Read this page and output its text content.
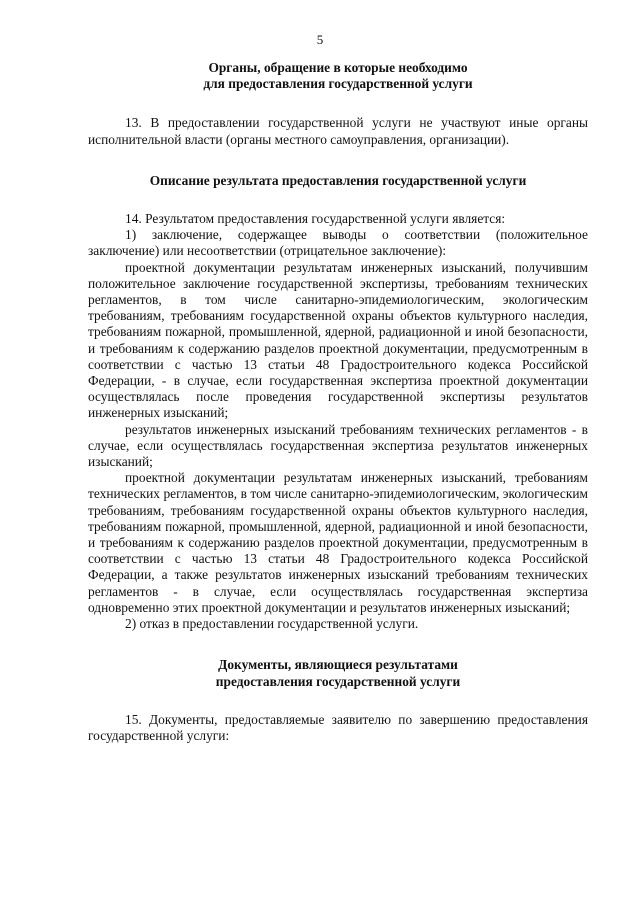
5
Органы, обращение в которые необходимо
для предоставления государственной услуги

13. В предоставлении государственной услуги не участвуют иные органы исполнительной власти (органы местного самоуправления, организации).

Описание результата предоставления государственной услуги

14. Результатом предоставления государственной услуги является:

1) заключение, содержащее выводы о соответствии (положительное заключение) или несоответствии (отрицательное заключение):

проектной документации результатам инженерных изысканий, получившим положительное заключение государственной экспертизы, требованиям технических регламентов, в том числе санитарно-эпидемиологическим, экологическим требованиям, требованиям государственной охраны объектов культурного наследия, требованиям пожарной, промышленной, ядерной, радиационной и иной безопасности, и требованиям к содержанию разделов проектной документации, предусмотренным в соответствии с частью 13 статьи 48 Градостроительного кодекса Российской Федерации, - в случае, если государственная экспертиза проектной документации осуществлялась после проведения государственной экспертизы результатов инженерных изысканий;

результатов инженерных изысканий требованиям технических регламентов - в случае, если осуществлялась государственная экспертиза результатов инженерных изысканий;

проектной документации результатам инженерных изысканий, требованиям технических регламентов, в том числе санитарно-эпидемиологическим, экологическим требованиям, требованиям государственной охраны объектов культурного наследия, требованиям пожарной, промышленной, ядерной, радиационной и иной безопасности, и требованиям к содержанию разделов проектной документации, предусмотренным в соответствии с частью 13 статьи 48 Градостроительного кодекса Российской Федерации, а также результатов инженерных изысканий требованиям технических регламентов - в случае, если осуществлялась государственная экспертиза одновременно этих проектной документации и результатов инженерных изысканий;

2) отказ в предоставлении государственной услуги.

Документы, являющиеся результатами
предоставления государственной услуги

15. Документы, предоставляемые заявителю по завершению предоставления государственной услуги:
